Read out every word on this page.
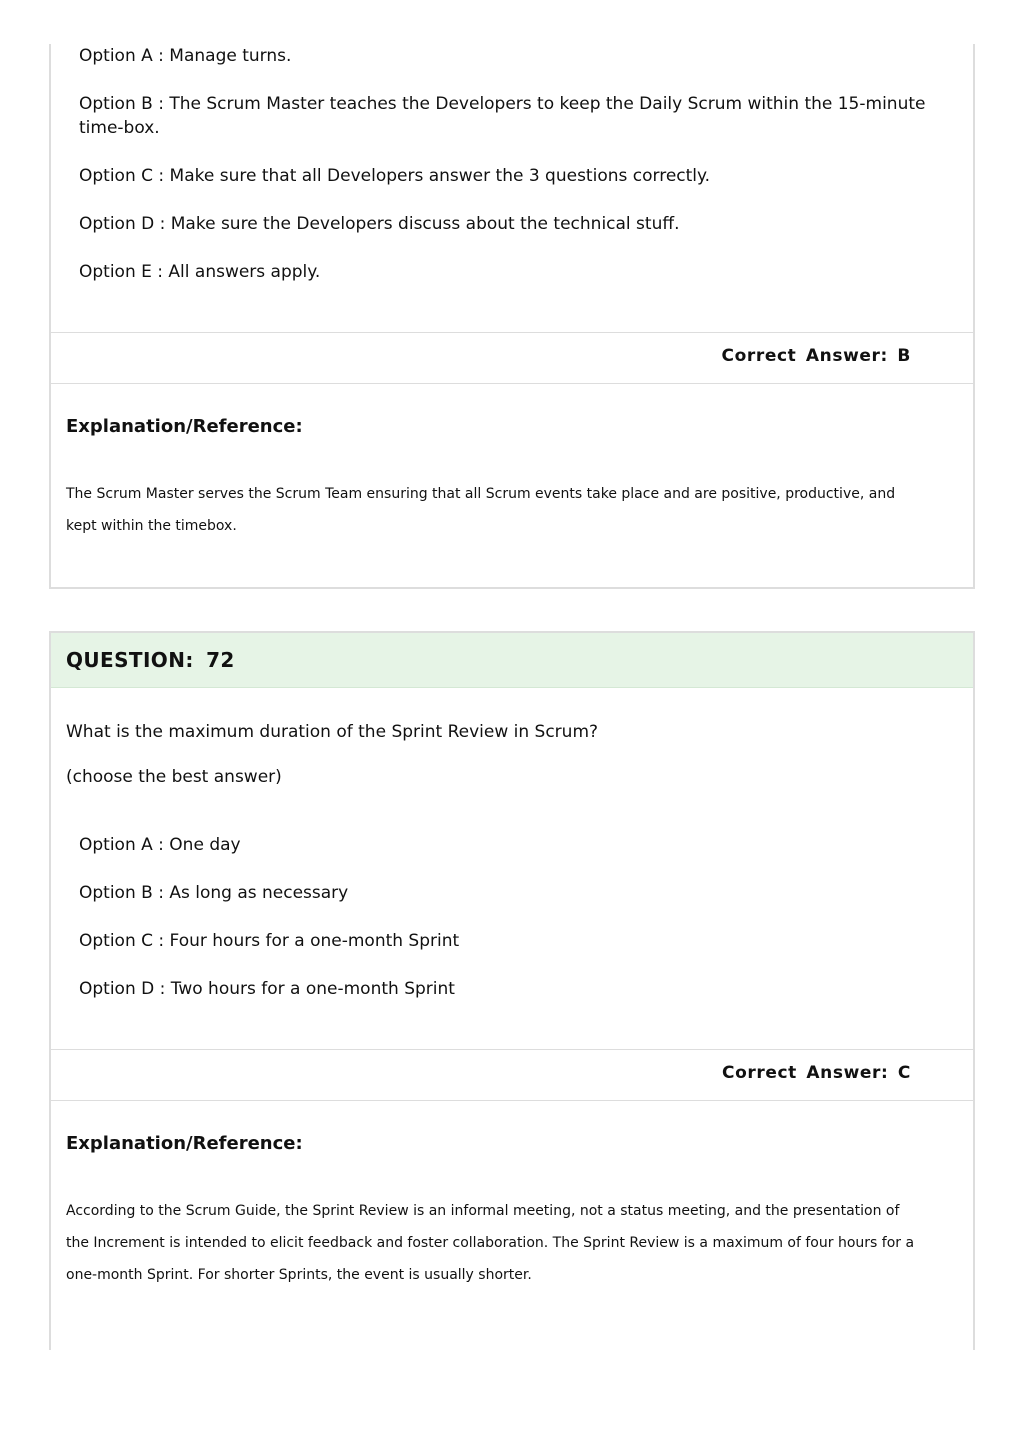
Option A : Manage turns.
Option B : The Scrum Master teaches the Developers to keep the Daily Scrum within the 15-minute time-box.
Option C : Make sure that all Developers answer the 3 questions correctly.
Option D : Make sure the Developers discuss about the technical stuff.
Option E : All answers apply.
Correct Answer: B
Explanation/Reference:
The Scrum Master serves the Scrum Team ensuring that all Scrum events take place and are positive, productive, and kept within the timebox.
QUESTION: 72
What is the maximum duration of the Sprint Review in Scrum?
(choose the best answer)
Option A : One day
Option B : As long as necessary
Option C : Four hours for a one-month Sprint
Option D : Two hours for a one-month Sprint
Correct Answer: C
Explanation/Reference:
According to the Scrum Guide, the Sprint Review is an informal meeting, not a status meeting, and the presentation of the Increment is intended to elicit feedback and foster collaboration. The Sprint Review is a maximum of four hours for a one-month Sprint. For shorter Sprints, the event is usually shorter.
